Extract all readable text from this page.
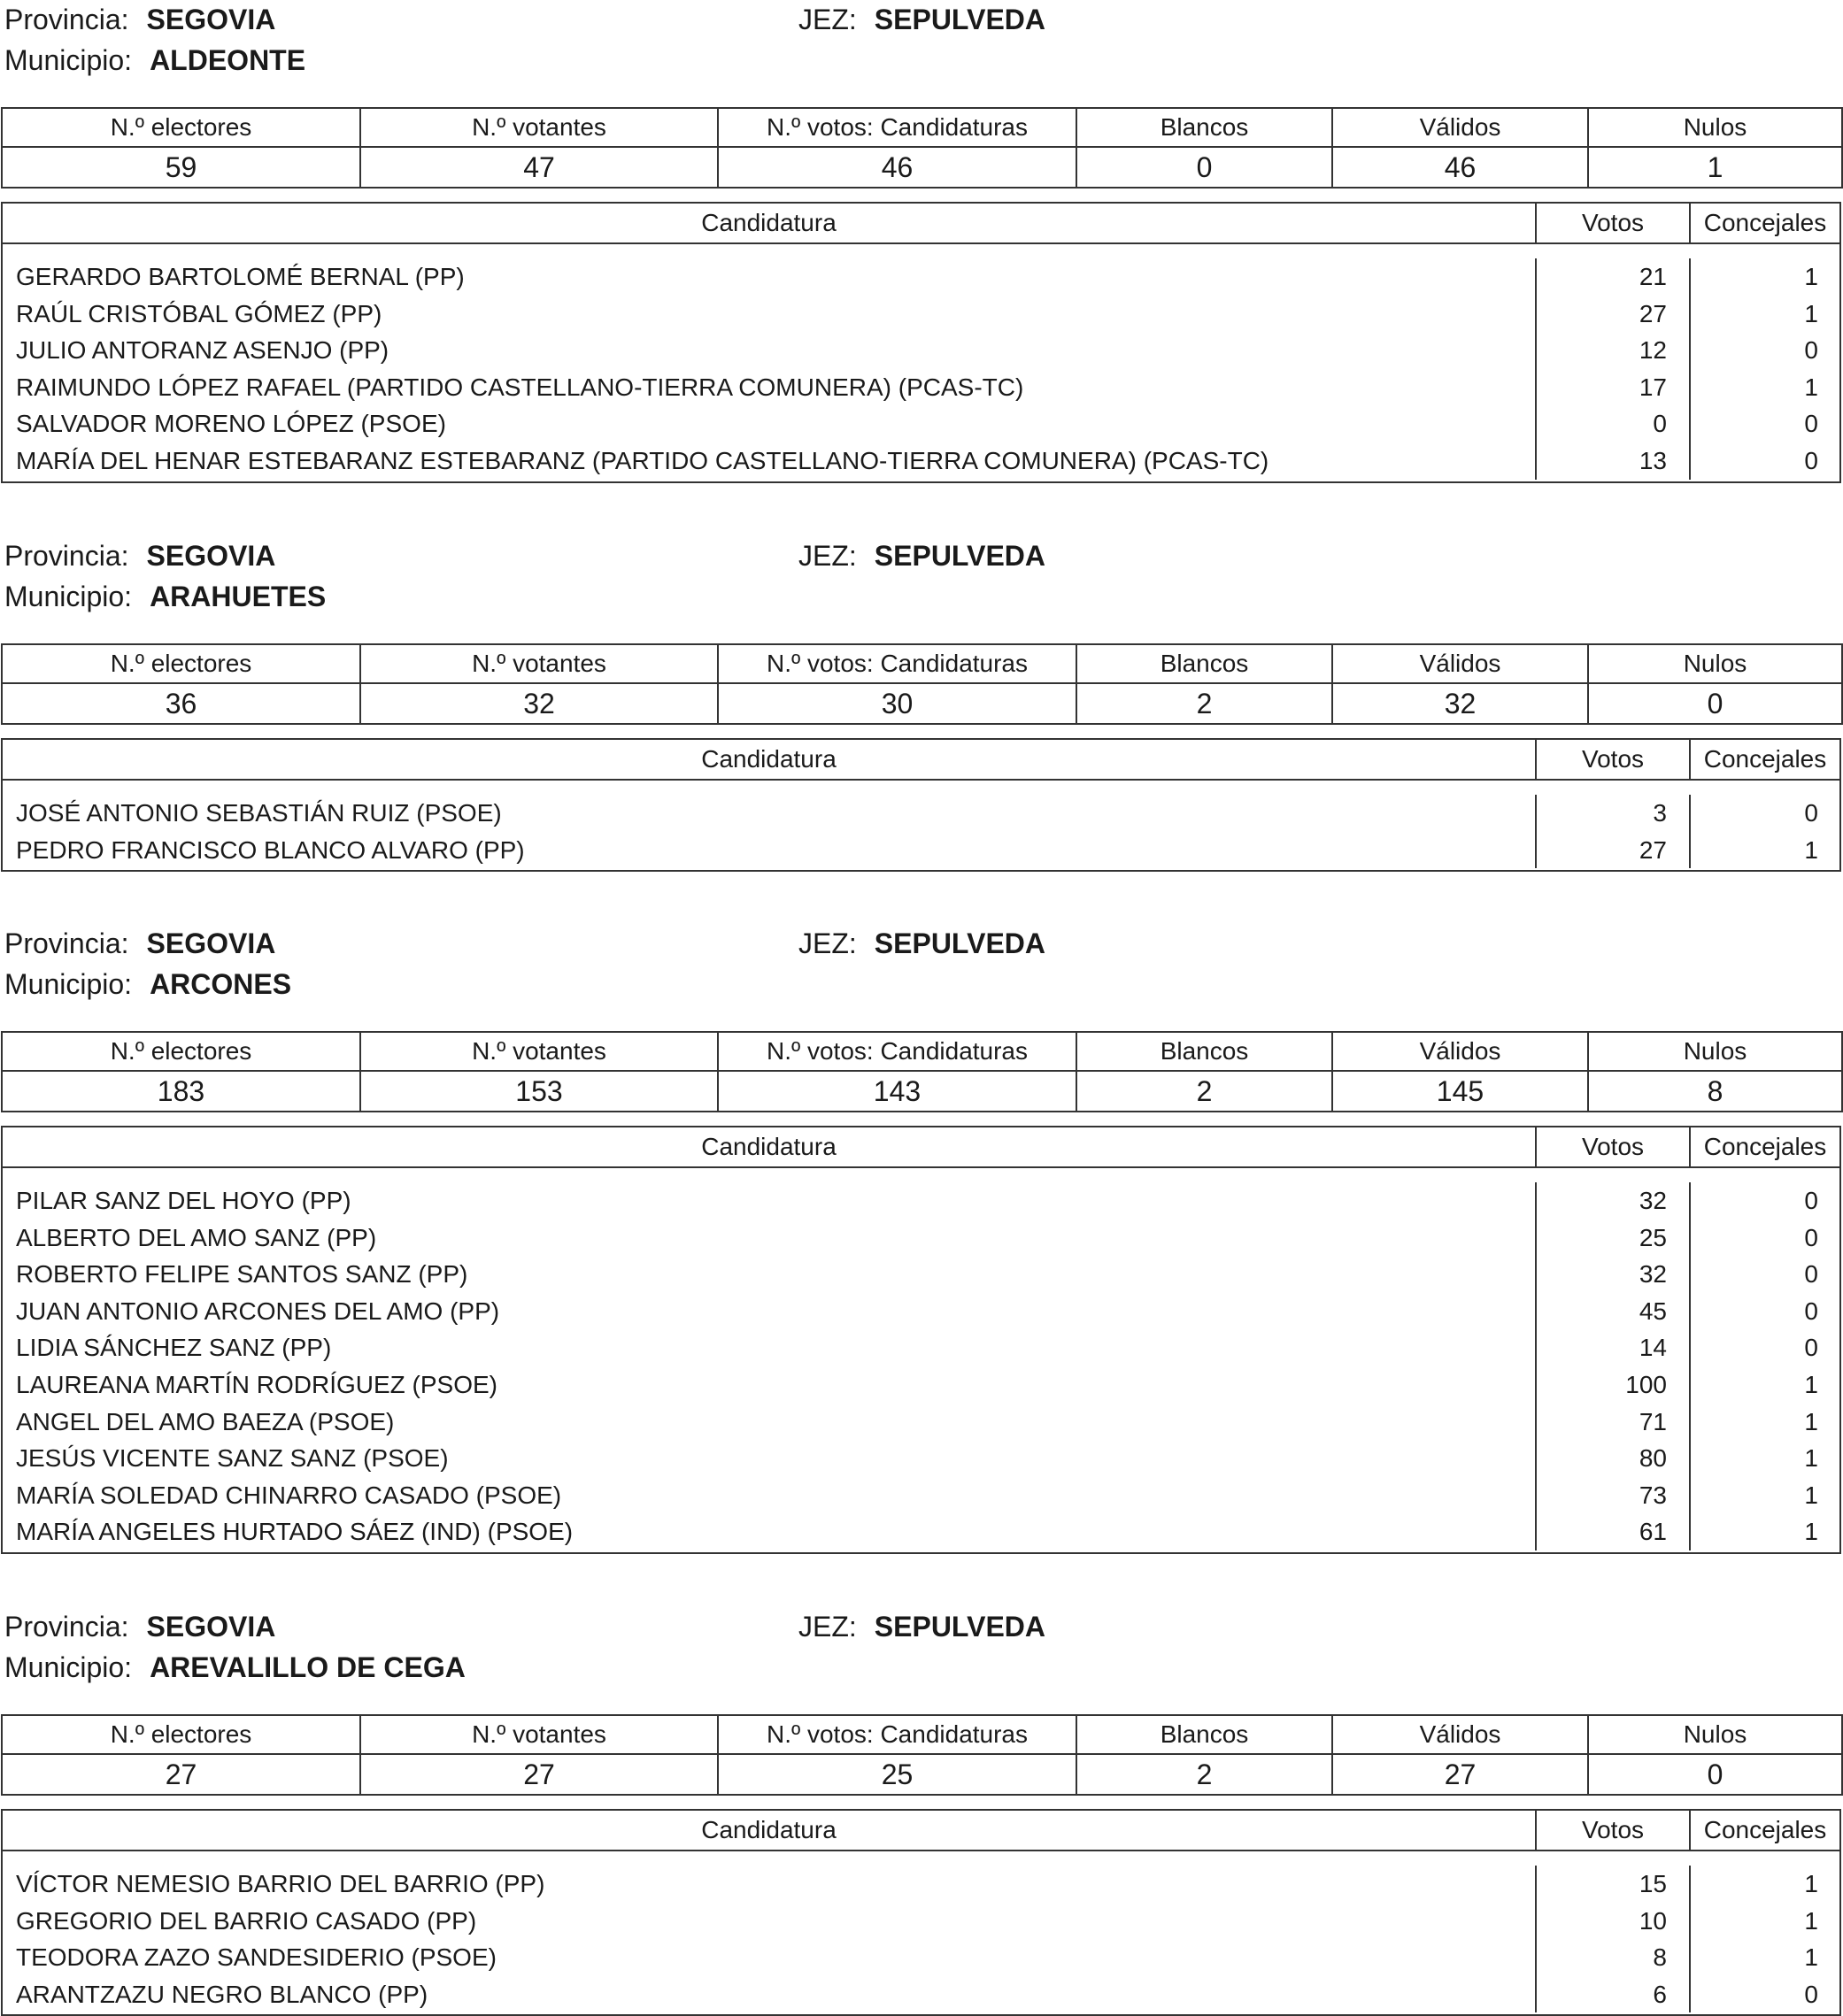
Provincia: SEGOVIA	JEZ: SEPULVEDA
Municipio: ALDEONTE
N.º electores	N.º votantes	N.º votos: Candidaturas	Blancos	Válidos	Nulos
59	47	46	0	46	1
Candidatura	Votos	Concejales
GERARDO BARTOLOMÉ BERNAL (PP)	21	1
RAÚL CRISTÓBAL GÓMEZ (PP)	27	1
JULIO ANTORANZ ASENJO (PP)	12	0
RAIMUNDO LÓPEZ RAFAEL (PARTIDO CASTELLANO-TIERRA COMUNERA) (PCAS-TC)	17	1
SALVADOR MORENO LÓPEZ (PSOE)	0	0
MARÍA DEL HENAR ESTEBARANZ ESTEBARANZ (PARTIDO CASTELLANO-TIERRA COMUNERA) (PCAS-TC)	13	0
Provincia: SEGOVIA	JEZ: SEPULVEDA
Municipio: ARAHUETES
N.º electores	N.º votantes	N.º votos: Candidaturas	Blancos	Válidos	Nulos
36	32	30	2	32	0
Candidatura	Votos	Concejales
JOSÉ ANTONIO SEBASTIÁN RUIZ (PSOE)	3	0
PEDRO FRANCISCO BLANCO ALVARO (PP)	27	1
Provincia: SEGOVIA	JEZ: SEPULVEDA
Municipio: ARCONES
N.º electores	N.º votantes	N.º votos: Candidaturas	Blancos	Válidos	Nulos
183	153	143	2	145	8
Candidatura	Votos	Concejales
PILAR SANZ DEL HOYO (PP)	32	0
ALBERTO DEL AMO SANZ (PP)	25	0
ROBERTO FELIPE SANTOS SANZ (PP)	32	0
JUAN ANTONIO ARCONES DEL AMO (PP)	45	0
LIDIA SÁNCHEZ SANZ (PP)	14	0
LAUREANA MARTÍN RODRÍGUEZ (PSOE)	100	1
ANGEL DEL AMO BAEZA (PSOE)	71	1
JESÚS VICENTE SANZ SANZ (PSOE)	80	1
MARÍA SOLEDAD CHINARRO CASADO (PSOE)	73	1
MARÍA ANGELES HURTADO SÁEZ (IND) (PSOE)	61	1
Provincia: SEGOVIA	JEZ: SEPULVEDA
Municipio: AREVALILLO DE CEGA
N.º electores	N.º votantes	N.º votos: Candidaturas	Blancos	Válidos	Nulos
27	27	25	2	27	0
Candidatura	Votos	Concejales
VÍCTOR NEMESIO BARRIO DEL BARRIO (PP)	15	1
GREGORIO DEL BARRIO CASADO (PP)	10	1
TEODORA ZAZO SANDESIDERIO (PSOE)	8	1
ARANTZAZU NEGRO BLANCO (PP)	6	0
